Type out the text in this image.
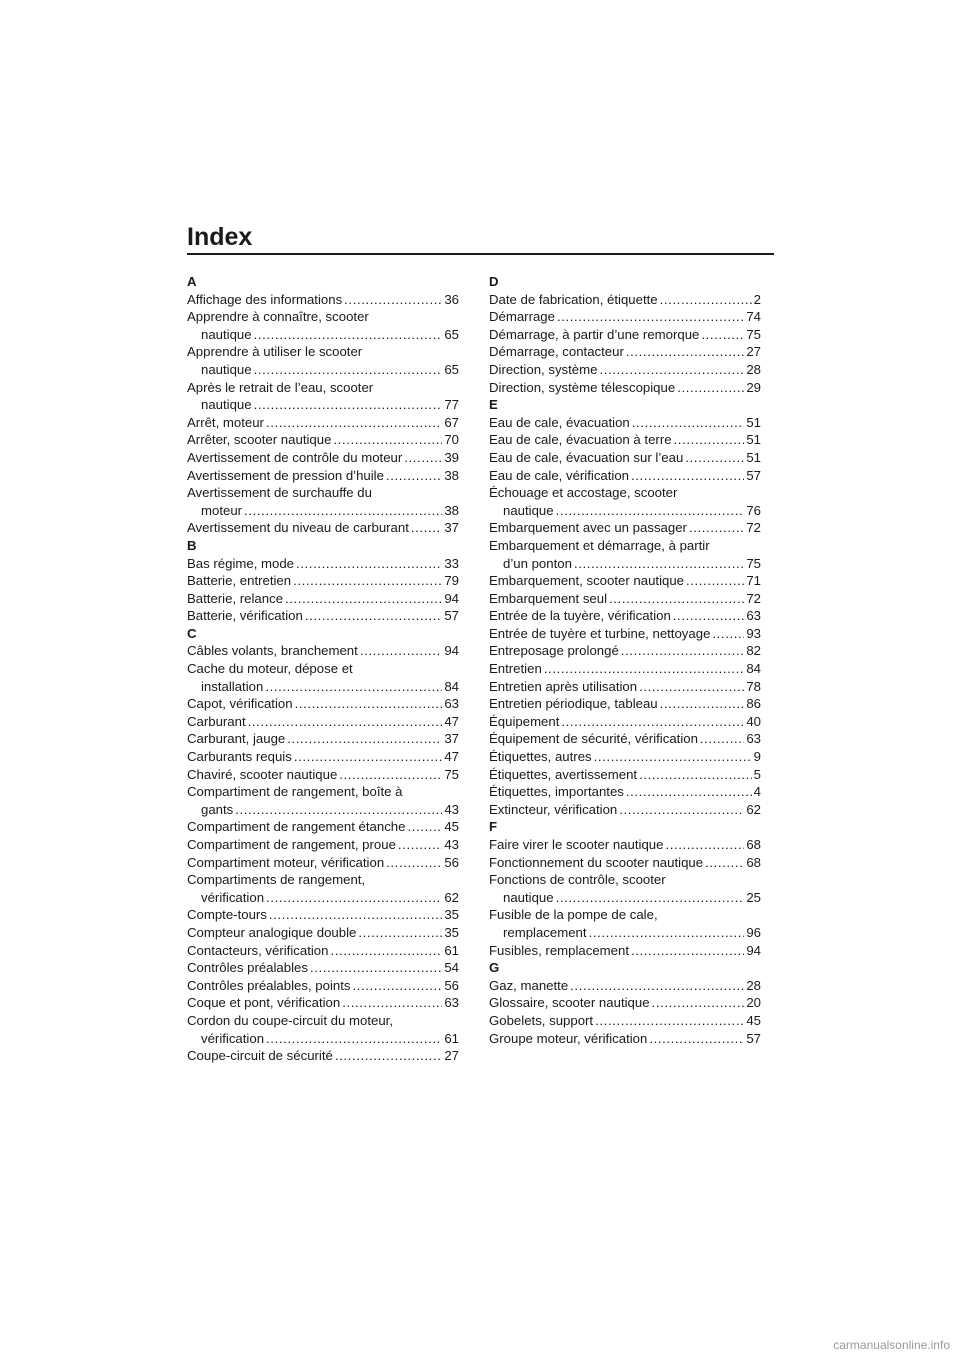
Index
A
Affichage des informations .....	36
Apprendre à connaître, scooter
nautique .....	65
Apprendre à utiliser le scooter
nautique .....	65
Après le retrait de l’eau, scooter
nautique .....	77
Arrêt, moteur .....	67
Arrêter, scooter nautique .....	70
Avertissement de contrôle du moteur .....	39
Avertissement de pression d’huile .....	38
Avertissement de surchauffe du
moteur .....	38
Avertissement du niveau de carburant .....	37
B
Bas régime, mode .....	33
Batterie, entretien .....	79
Batterie, relance .....	94
Batterie, vérification .....	57
C
Câbles volants, branchement .....	94
Cache du moteur, dépose et
installation .....	84
Capot, vérification .....	63
Carburant .....	47
Carburant, jauge .....	37
Carburants requis .....	47
Chaviré, scooter nautique .....	75
Compartiment de rangement, boîte à
gants .....	43
Compartiment de rangement étanche .....	45
Compartiment de rangement, proue .....	43
Compartiment moteur, vérification .....	56
Compartiments de rangement,
vérification .....	62
Compte-tours .....	35
Compteur analogique double .....	35
Contacteurs, vérification .....	61
Contrôles préalables .....	54
Contrôles préalables, points .....	56
Coque et pont, vérification .....	63
Cordon du coupe-circuit du moteur,
vérification .....	61
Coupe-circuit de sécurité .....	27
D
Date de fabrication, étiquette .....	2
Démarrage .....	74
Démarrage, à partir d’une remorque .....	75
Démarrage, contacteur .....	27
Direction, système .....	28
Direction, système télescopique .....	29
E
Eau de cale, évacuation .....	51
Eau de cale, évacuation à terre .....	51
Eau de cale, évacuation sur l’eau .....	51
Eau de cale, vérification .....	57
Échouage et accostage, scooter
nautique .....	76
Embarquement avec un passager .....	72
Embarquement et démarrage, à partir
d’un ponton .....	75
Embarquement, scooter nautique .....	71
Embarquement seul .....	72
Entrée de la tuyère, vérification .....	63
Entrée de tuyère et turbine, nettoyage .....	93
Entreposage prolongé .....	82
Entretien .....	84
Entretien après utilisation .....	78
Entretien périodique, tableau .....	86
Équipement .....	40
Équipement de sécurité, vérification .....	63
Étiquettes, autres .....	9
Étiquettes, avertissement .....	5
Étiquettes, importantes .....	4
Extincteur, vérification .....	62
F
Faire virer le scooter nautique .....	68
Fonctionnement du scooter nautique .....	68
Fonctions de contrôle, scooter
nautique .....	25
Fusible de la pompe de cale,
remplacement .....	96
Fusibles, remplacement .....	94
G
Gaz, manette .....	28
Glossaire, scooter nautique .....	20
Gobelets, support .....	45
Groupe moteur, vérification .....	57
carmanualsonline.info
